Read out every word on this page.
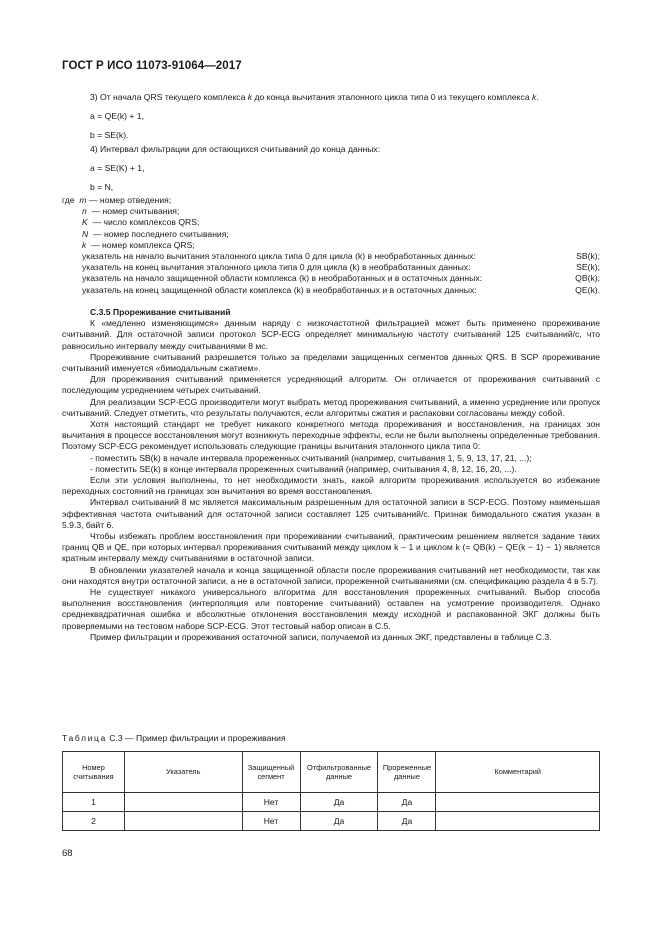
ГОСТ Р ИСО 11073-91064—2017
3) От начала QRS текущего комплекса k до конца вычитания эталонного цикла типа 0 из текущего комплекса k.
a = QE(k) + 1,
b = SE(k).
4) Интервал фильтрации для остающихся считываний до конца данных:
a = SE(K) + 1,
b = N,
где m — номер отведения;
n — номер считывания;
K — число комплексов QRS;
N — номер последнего считывания;
k — номер комплекса QRS;
указатель на начало вычитания эталонного цикла типа 0 для цикла (k) в необработанных данных:	SB(k);
указатель на конец вычитания эталонного цикла типа 0 для цикла (k) в необработанных данных:	SE(k);
указатель на начало защищенной области комплекса (k) в необработанных и в остаточных данных:	QB(k);
указатель на конец защищенной области комплекса (k) в необработанных и в остаточных данных:	QE(k).
C.3.5 Прореживание считываний
К «медленно изменяющимся» данным наряду с низкочастотной фильтрацией может быть применено прореживание считываний. Для остаточной записи протокол SCP-ECG определяет минимальную частоту считываний 125 считываний/с, что равносильно интервалу между считываниями 8 мс.
Прореживание считываний разрешается только за пределами защищенных сегментов данных QRS. В SCP прореживание считываний именуется «бимодальным сжатием».
Для прореживания считываний применяется усредняющий алгоритм. Он отличается от прореживания считываний с последующим усреднением четырех считываний.
Для реализации SCP-ECG производители могут выбрать метод прореживания считываний, а именно усреднение или пропуск считываний. Следует отметить, что результаты получаются, если алгоритмы сжатия и распаковки согласованы между собой.
Хотя настоящий стандарт не требует никакого конкретного метода прореживания и восстановления, на границах зон вычитания в процессе восстановления могут возникнуть переходные эффекты, если не были выполнены определенные требования. Поэтому SCP-ECG рекомендует использовать следующие границы вычитания эталонного цикла типа 0:
- поместить SB(k) в начале интервала прореженных считываний (например, считывания 1, 5, 9, 13, 17, 21, ...);
- поместить SE(k) в конце интервала прореженных считываний (например, считывания 4, 8, 12, 16, 20, ...).
Если эти условия выполнены, то нет необходимости знать, какой алгоритм прореживания используется во избежание переходных состояний на границах зон вычитания во время восстановления.
Интервал считываний 8 мс является максимальным разрешенным для остаточной записи в SCP-ECG. Поэтому наименьшая эффективная частота считываний для остаточной записи составляет 125 считываний/с. Признак бимодального сжатия указан в 5.9.3, байт 6.
Чтобы избежать проблем восстановления при прореживании считываний, практическим решением является задание таких границ QB и QE, при которых интервал прореживания считываний между циклом k – 1 и циклом k (= QB(k) − QE(k − 1) − 1) является кратным интервалу между считываниями в остаточной записи.
В обновлении указателей начала и конца защищенной области после прореживания считываний нет необходимости, так как они находятся внутри остаточной записи, а не в остаточной записи, прореженной считываниями (см. спецификацию раздела 4 в 5.7).
Не существует никакого универсального алгоритма для восстановления прореженных считываний. Выбор способа выполнения восстановления (интерполяция или повторение считываний) оставлен на усмотрение производителя. Однако среднеквадратичная ошибка и абсолютные отклонения восстановления между исходной и распакованной ЭКГ должны быть проверяемыми на тестовом наборе SCP-ECG. Этот тестовый набор описан в C.5.
Пример фильтрации и прореживания остаточной записи, получаемой из данных ЭКГ, представлены в таблице C.3.
Таблица C.3 — Пример фильтрации и прореживания
Номер считывания	Указатель	Защищенный сегмент	Отфильтрованные данные	Прореженные данные	Комментарий
1		Нет	Да	Да	
2		Нет	Да	Да	
68
